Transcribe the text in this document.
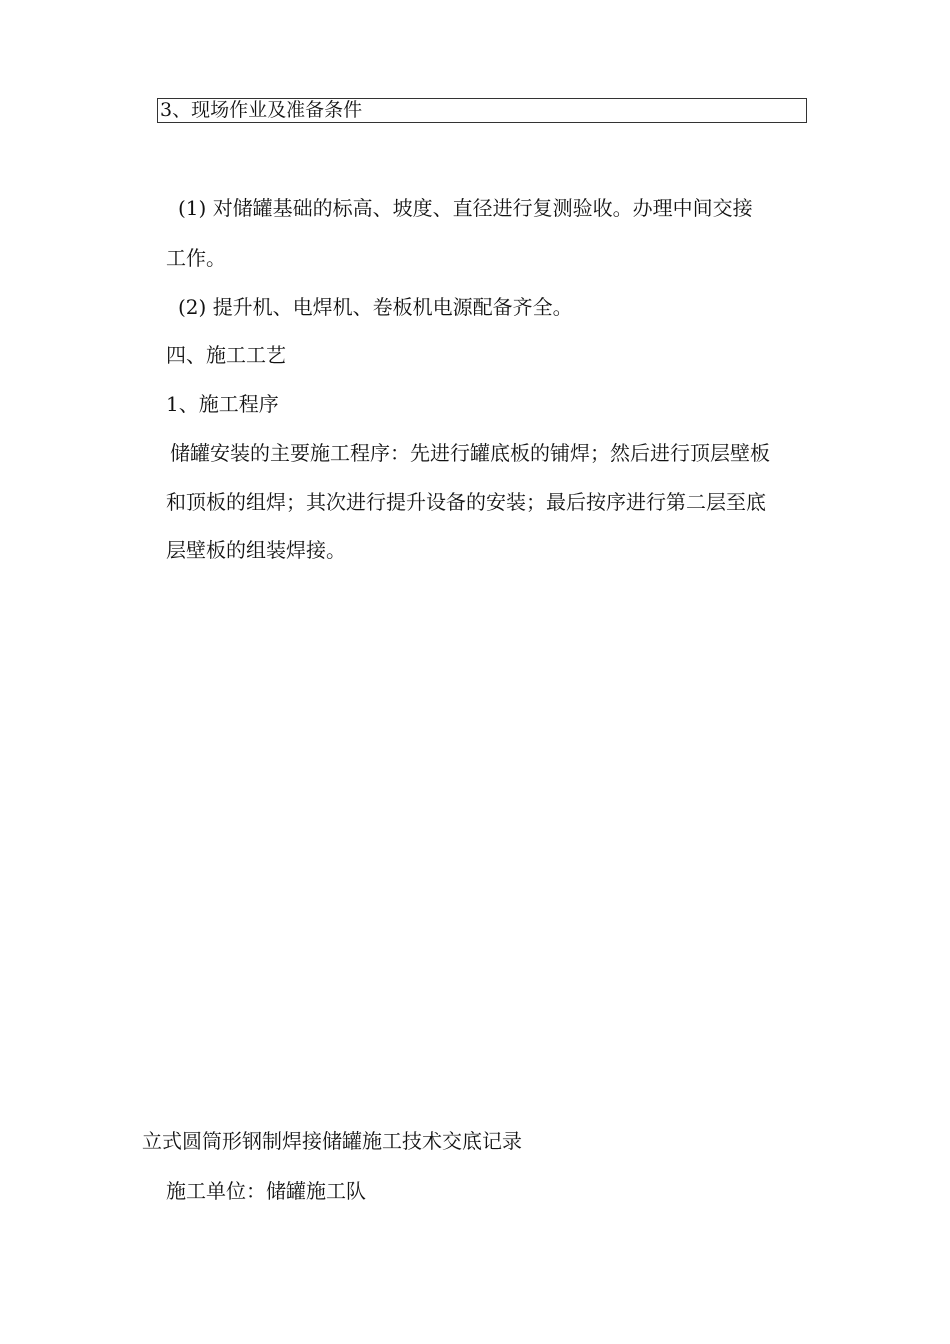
3、现场作业及准备条件
(1) 对储罐基础的标高、坡度、直径进行复测验收。办理中间交接
工作。
(2) 提升机、电焊机、卷板机电源配备齐全。
四、施工工艺
1、施工程序
储罐安装的主要施工程序：先进行罐底板的铺焊；然后进行顶层壁板
和顶板的组焊；其次进行提升设备的安装；最后按序进行第二层至底
层壁板的组装焊接。
立式圆筒形钢制焊接储罐施工技术交底记录
施工单位：储罐施工队
